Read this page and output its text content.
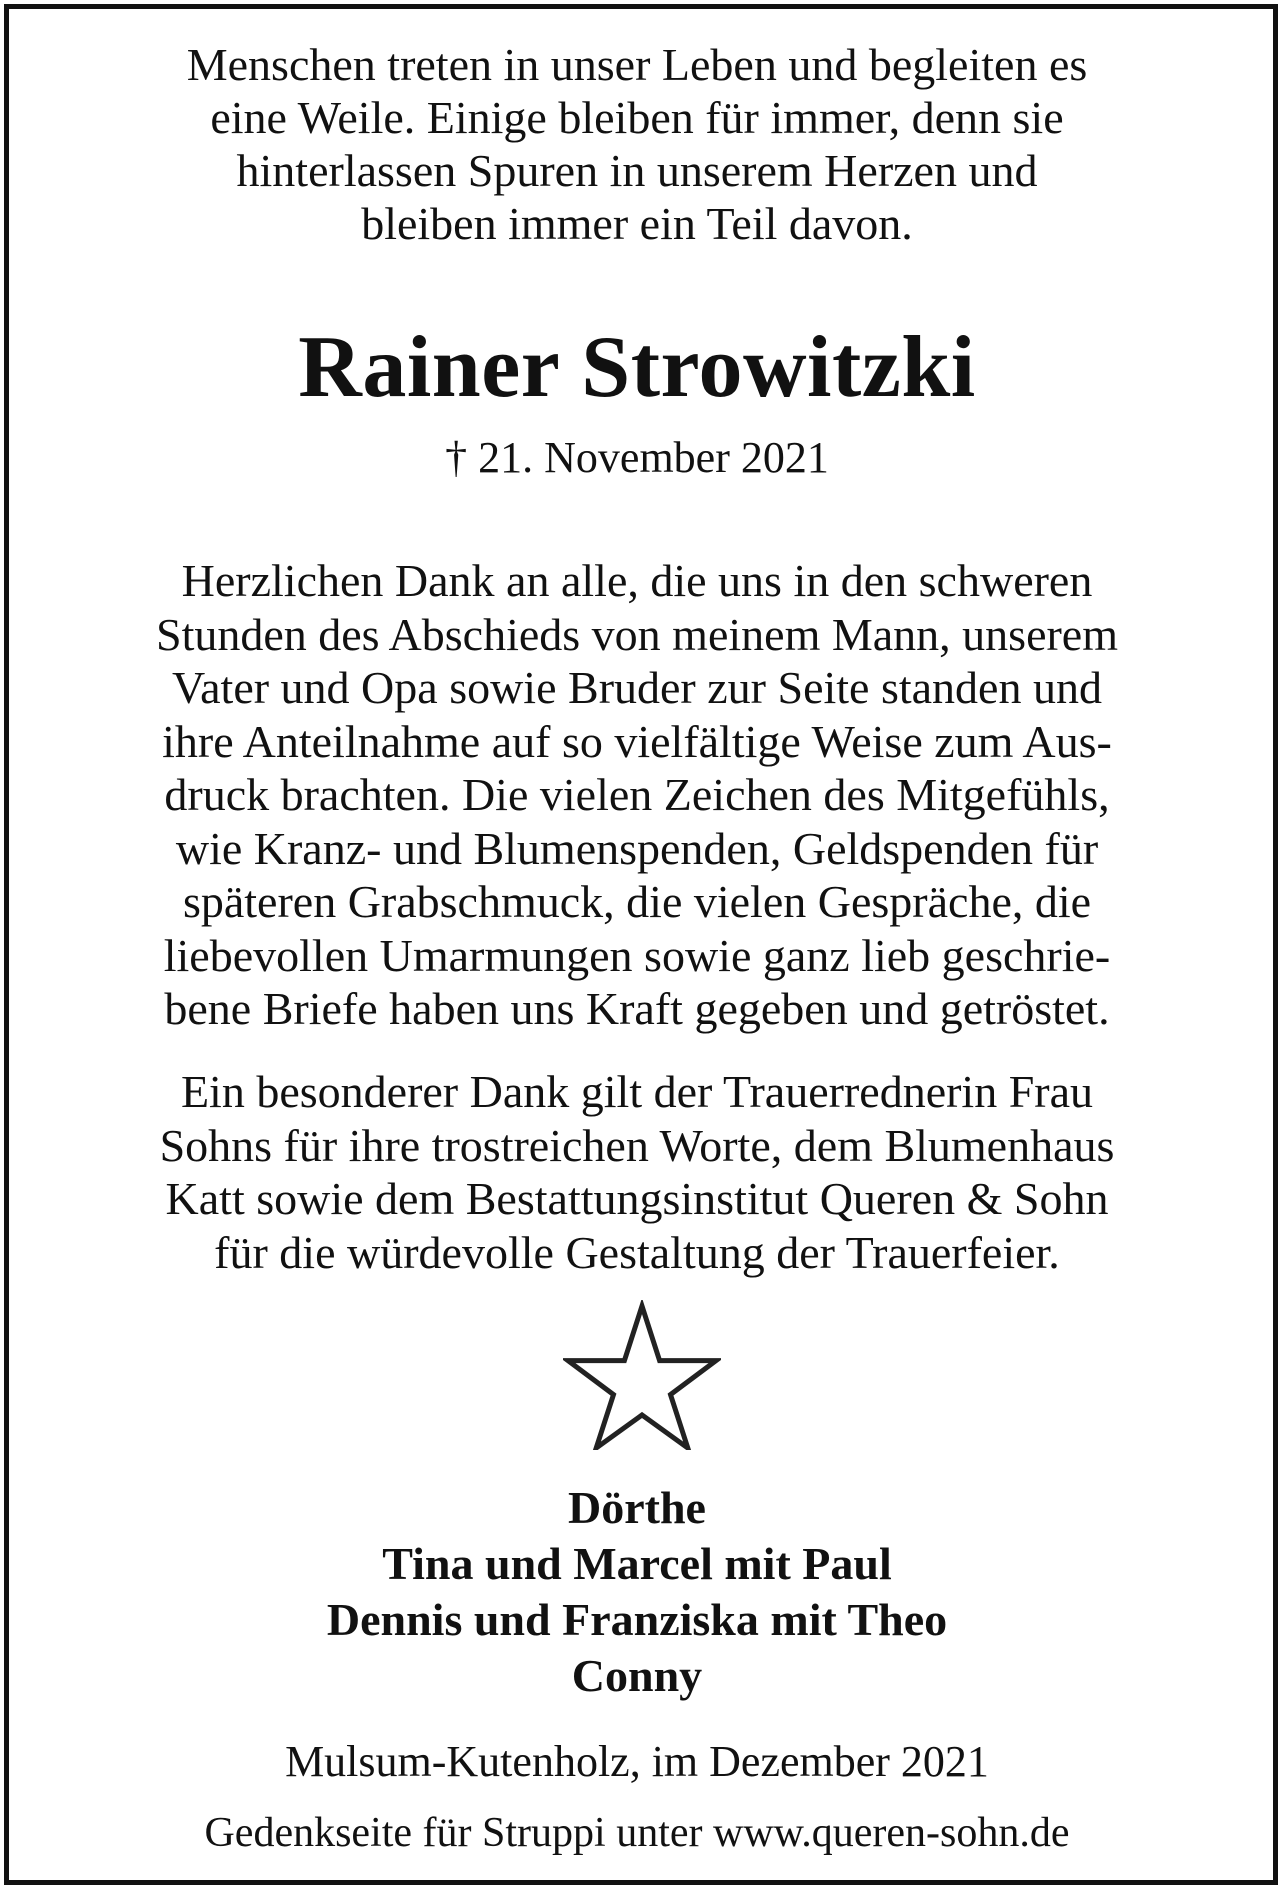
Menschen treten in unser Leben und begleiten es
eine Weile. Einige bleiben für immer, denn sie
hinterlassen Spuren in unserem Herzen und
bleiben immer ein Teil davon.

Rainer Strowitzki

† 21. November 2021

Herzlichen Dank an alle, die uns in den schweren
Stunden des Abschieds von meinem Mann, unserem
Vater und Opa sowie Bruder zur Seite standen und
ihre Anteilnahme auf so vielfältige Weise zum Aus-
druck brachten. Die vielen Zeichen des Mitgefühls,
wie Kranz- und Blumenspenden, Geldspenden für
späteren Grabschmuck, die vielen Gespräche, die
liebevollen Umarmungen sowie ganz lieb geschrie-
bene Briefe haben uns Kraft gegeben und getröstet.

Ein besonderer Dank gilt der Trauerrednerin Frau
Sohns für ihre trostreichen Worte, dem Blumenhaus
Katt sowie dem Bestattungsinstitut Queren & Sohn
für die würdevolle Gestaltung der Trauerfeier.

Dörthe
Tina und Marcel mit Paul
Dennis und Franziska mit Theo
Conny

Mulsum-Kutenholz, im Dezember 2021

Gedenkseite für Struppi unter www.queren-sohn.de
